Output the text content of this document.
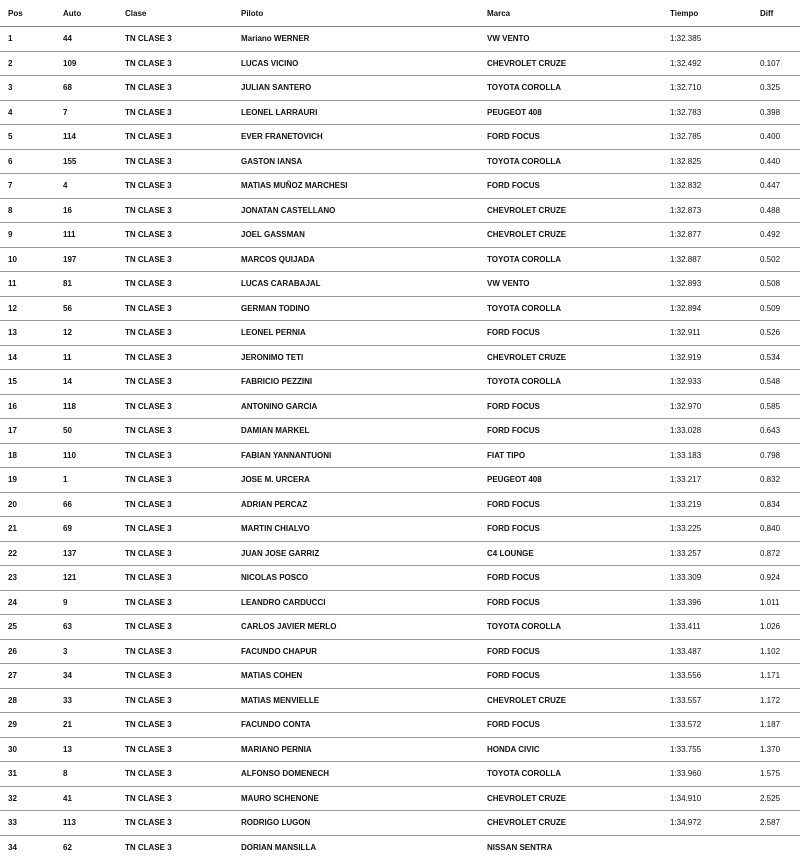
Pos	Auto	Clase	Piloto	Marca	Tiempo	Diff
1	44	TN CLASE 3	Mariano WERNER	VW VENTO	1:32.385	
2	109	TN CLASE 3	LUCAS VICINO	CHEVROLET CRUZE	1:32.492	0.107
3	68	TN CLASE 3	JULIAN SANTERO	TOYOTA COROLLA	1:32.710	0.325
4	7	TN CLASE 3	LEONEL LARRAURI	PEUGEOT 408	1:32.783	0.398
5	114	TN CLASE 3	EVER FRANETOVICH	FORD FOCUS	1:32.785	0.400
6	155	TN CLASE 3	GASTON IANSA	TOYOTA COROLLA	1:32.825	0.440
7	4	TN CLASE 3	MATIAS MUÑOZ MARCHESI	FORD FOCUS	1:32.832	0.447
8	16	TN CLASE 3	JONATAN CASTELLANO	CHEVROLET CRUZE	1:32.873	0.488
9	111	TN CLASE 3	JOEL GASSMAN	CHEVROLET CRUZE	1:32.877	0.492
10	197	TN CLASE 3	MARCOS QUIJADA	TOYOTA COROLLA	1:32.887	0.502
11	81	TN CLASE 3	LUCAS CARABAJAL	VW VENTO	1:32.893	0.508
12	56	TN CLASE 3	GERMAN TODINO	TOYOTA COROLLA	1:32.894	0.509
13	12	TN CLASE 3	LEONEL PERNIA	FORD FOCUS	1:32.911	0.526
14	11	TN CLASE 3	JERONIMO TETI	CHEVROLET CRUZE	1:32.919	0.534
15	14	TN CLASE 3	FABRICIO PEZZINI	TOYOTA COROLLA	1:32.933	0.548
16	118	TN CLASE 3	ANTONINO GARCIA	FORD FOCUS	1:32.970	0.585
17	50	TN CLASE 3	DAMIAN MARKEL	FORD FOCUS	1:33.028	0.643
18	110	TN CLASE 3	FABIAN YANNANTUONI	FIAT TIPO	1:33.183	0.798
19	1	TN CLASE 3	JOSE M. URCERA	PEUGEOT 408	1:33.217	0.832
20	66	TN CLASE 3	ADRIAN PERCAZ	FORD FOCUS	1:33.219	0.834
21	69	TN CLASE 3	MARTIN CHIALVO	FORD FOCUS	1:33.225	0.840
22	137	TN CLASE 3	JUAN JOSE GARRIZ	C4 LOUNGE	1:33.257	0.872
23	121	TN CLASE 3	NICOLAS POSCO	FORD FOCUS	1:33.309	0.924
24	9	TN CLASE 3	LEANDRO CARDUCCI	FORD FOCUS	1:33.396	1.011
25	63	TN CLASE 3	CARLOS JAVIER MERLO	TOYOTA COROLLA	1:33.411	1.026
26	3	TN CLASE 3	FACUNDO CHAPUR	FORD FOCUS	1:33.487	1.102
27	34	TN CLASE 3	MATIAS COHEN	FORD FOCUS	1:33.556	1.171
28	33	TN CLASE 3	MATIAS MENVIELLE	CHEVROLET CRUZE	1:33.557	1.172
29	21	TN CLASE 3	FACUNDO CONTA	FORD FOCUS	1:33.572	1.187
30	13	TN CLASE 3	MARIANO PERNIA	HONDA CIVIC	1:33.755	1.370
31	8	TN CLASE 3	ALFONSO DOMENECH	TOYOTA COROLLA	1:33.960	1.575
32	41	TN CLASE 3	MAURO SCHENONE	CHEVROLET CRUZE	1:34.910	2.525
33	113	TN CLASE 3	RODRIGO LUGON	CHEVROLET CRUZE	1:34.972	2.587
34	62	TN CLASE 3	DORIAN MANSILLA	NISSAN SENTRA		
